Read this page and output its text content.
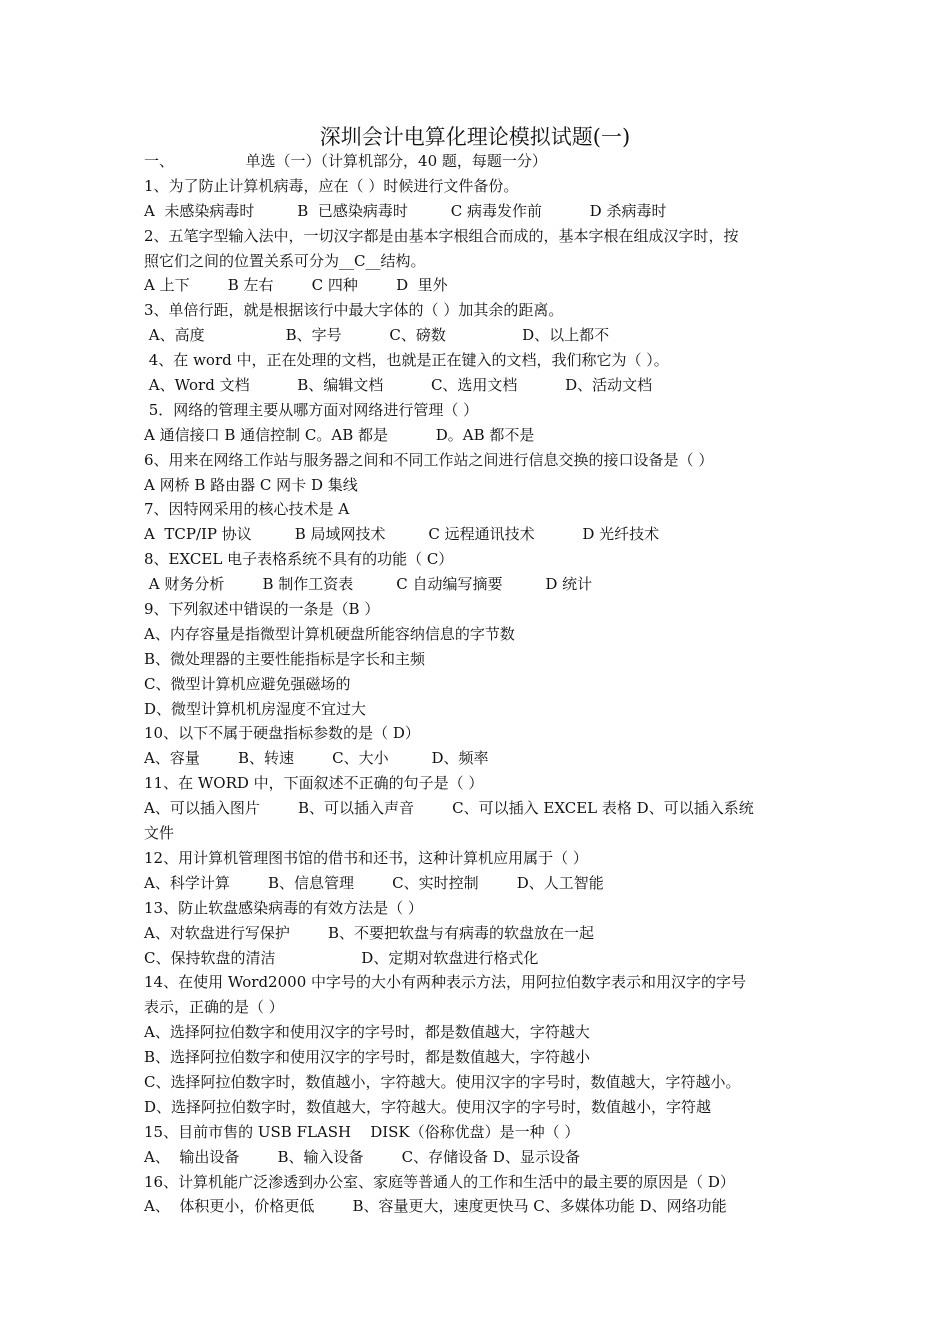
深圳会计电算化理论模拟试题(一)
一、               单选（一）（计算机部分，40 题，每题一分）
1、为了防止计算机病毒，应在（ ）时候进行文件备份。
A  未感染病毒时         B  已感染病毒时         C 病毒发作前          D 杀病毒时
2、五笔字型输入法中，一切汉字都是由基本字根组合而成的，基本字根在组成汉字时，按
照它们之间的位置关系可分为__C__结构。
A 上下        B 左右        C 四种        D  里外
3、单倍行距，就是根据该行中最大字体的（ ）加其余的距离。
A、高度                 B、字号          C、磅数                D、以上都不
4、在 word 中，正在处理的文档，也就是正在键入的文档，我们称它为（ ）。
A、Word 文档          B、编辑文档          C、选用文档          D、活动文档
5．网络的管理主要从哪方面对网络进行管理（ ）
A 通信接口 B 通信控制 C。AB 都是          D。AB 都不是
6、用来在网络工作站与服务器之间和不同工作站之间进行信息交换的接口设备是（ ）
A 网桥 B 路由器 C 网卡 D 集线
7、因特网采用的核心技术是 A
A  TCP/IP 协议         B 局域网技术         C 远程通讯技术          D 光纤技术
8、EXCEL 电子表格系统不具有的功能（ C）
A 财务分析        B 制作工资表         C 自动编写摘要         D 统计
9、下列叙述中错误的一条是（B ）
A、内存容量是指微型计算机硬盘所能容纳信息的字节数
B、微处理器的主要性能指标是字长和主频
C、微型计算机应避免强磁场的
D、微型计算机机房湿度不宜过大
10、以下不属于硬盘指标参数的是（ D）
A、容量        B、转速        C、大小         D、频率
11、在 WORD 中，下面叙述不正确的句子是（ ）
A、可以插入图片        B、可以插入声音        C、可以插入 EXCEL 表格 D、可以插入系统
文件
12、用计算机管理图书馆的借书和还书，这种计算机应用属于（ ）
A、科学计算        B、信息管理        C、实时控制        D、人工智能
13、防止软盘感染病毒的有效方法是（ ）
A、对软盘进行写保护        B、不要把软盘与有病毒的软盘放在一起
C、保持软盘的清洁                  D、定期对软盘进行格式化
14、在使用 Word2000 中字号的大小有两种表示方法，用阿拉伯数字表示和用汉字的字号
表示，正确的是（ ）
A、选择阿拉伯数字和使用汉字的字号时，都是数值越大，字符越大
B、选择阿拉伯数字和使用汉字的字号时，都是数值越大，字符越小
C、选择阿拉伯数字时，数值越小，字符越大。使用汉字的字号时，数值越大，字符越小。
D、选择阿拉伯数字时，数值越大，字符越大。使用汉字的字号时，数值越小，字符越
15、目前市售的 USB FLASH    DISK（俗称优盘）是一种（ ）
A、  输出设备        B、输入设备        C、存储设备 D、显示设备
16、计算机能广泛渗透到办公室、家庭等普通人的工作和生活中的最主要的原因是（ D）
A、  体积更小，价格更低        B、容量更大，速度更快马 C、多媒体功能 D、网络功能
